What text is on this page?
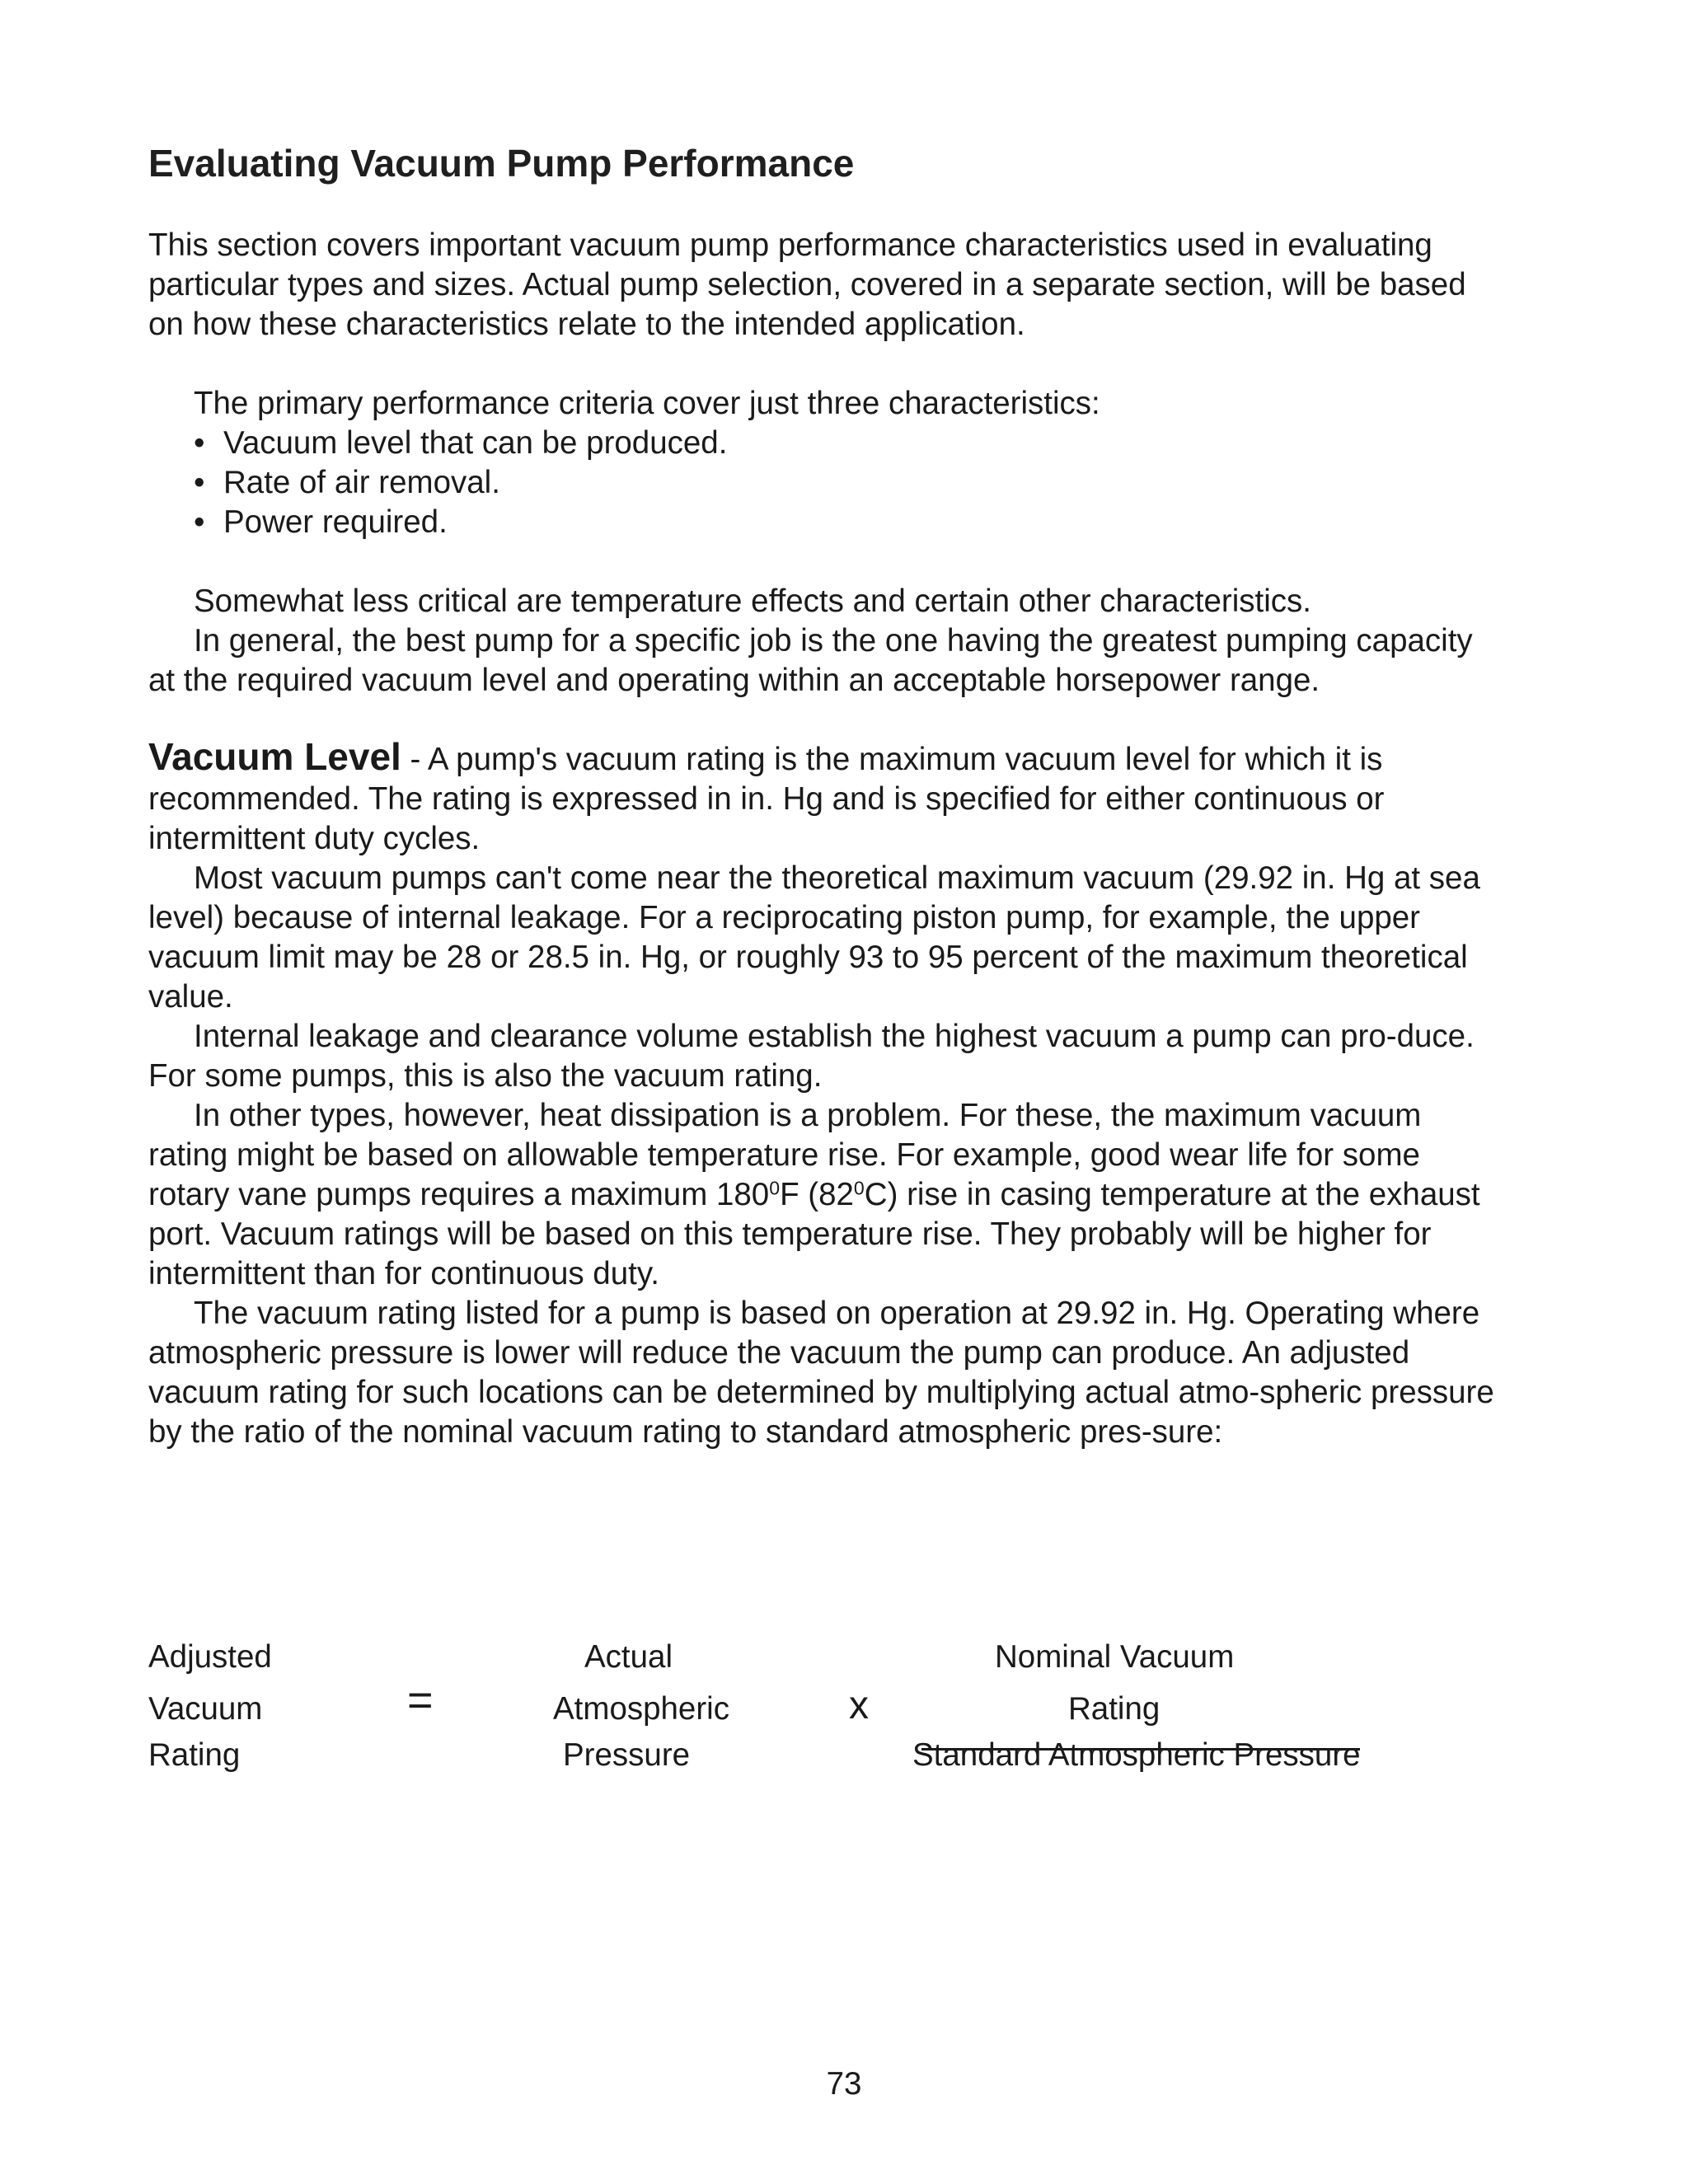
Evaluating Vacuum Pump Performance

This section covers important vacuum pump performance characteristics used in evaluating particular types and sizes. Actual pump selection, covered in a separate section, will be based on how these characteristics relate to the intended application.

The primary performance criteria cover just three characteristics:

• Vacuum level that can be produced.
• Rate of air removal.
• Power required.

Somewhat less critical are temperature effects and certain other characteristics.

In general, the best pump for a specific job is the one having the greatest pumping capacity at the required vacuum level and operating within an acceptable horsepower range.

Vacuum Level - A pump's vacuum rating is the maximum vacuum level for which it is recommended. The rating is expressed in in. Hg and is specified for either continuous or intermittent duty cycles.

Most vacuum pumps can't come near the theoretical maximum vacuum (29.92 in. Hg at sea level) because of internal leakage. For a reciprocating piston pump, for example, the upper vacuum limit may be 28 or 28.5 in. Hg, or roughly 93 to 95 percent of the maximum theoretical value.

Internal leakage and clearance volume establish the highest vacuum a pump can pro-duce. For some pumps, this is also the vacuum rating.

In other types, however, heat dissipation is a problem. For these, the maximum vacuum rating might be based on allowable temperature rise. For example, good wear life for some rotary vane pumps requires a maximum $180^0F$ $(82^0C)$ rise in casing temperature at the exhaust port. Vacuum ratings will be based on this temperature rise. They probably will be higher for intermittent than for continuous duty.

The vacuum rating listed for a pump is based on operation at 29.92 in. Hg. Operating where atmospheric pressure is lower will reduce the vacuum the pump can produce. An adjusted vacuum rating for such locations can be determined by multiplying actual atmo-spheric pressure by the ratio of the nominal vacuum rating to standard atmospheric pres-sure:

Adjusted
Vacuum
Rating
=
Actual
Atmospheric
Pressure
x
Nominal Vacuum
Rating
Standard Atmospheric Pressure
73
